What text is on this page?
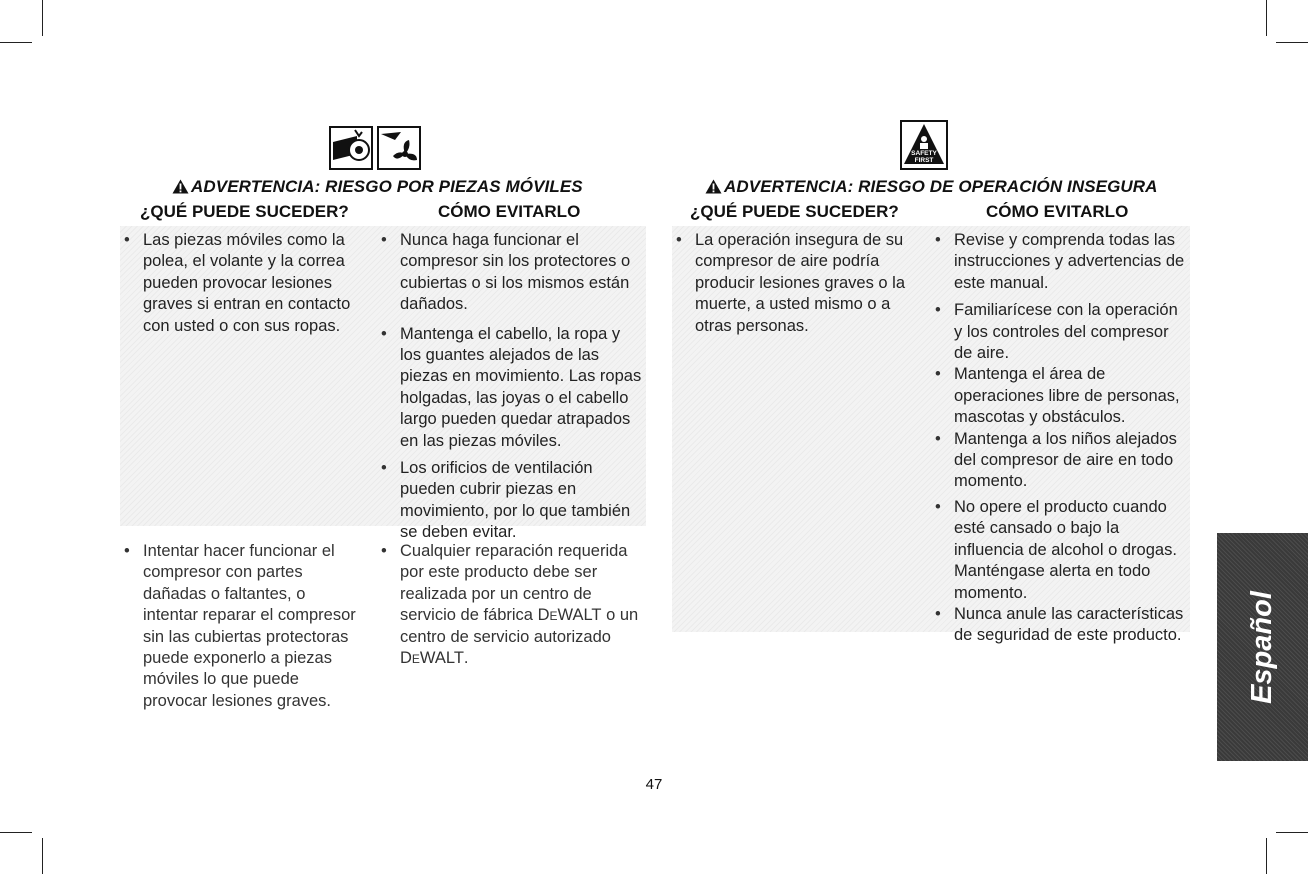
ADVERTENCIA: RIESGO POR PIEZAS MÓVILES
¿QUÉ PUEDE SUCEDER?	CÓMO EVITARLO
• Las piezas móviles como la polea, el volante y la correa pueden provocar lesiones graves si entran en contacto con usted o con sus ropas.
• Nunca haga funcionar el compresor sin los protectores o cubiertas o si los mismos están dañados.
• Mantenga el cabello, la ropa y los guantes alejados de las piezas en movimiento. Las ropas holgadas, las joyas o el cabello largo pueden quedar atrapados en las piezas móviles.
• Los orificios de ventilación pueden cubrir piezas en movimiento, por lo que también se deben evitar.
• Intentar hacer funcionar el compresor con partes dañadas o faltantes, o intentar reparar el compresor sin las cubiertas protectoras puede exponerlo a piezas móviles lo que puede provocar lesiones graves.
• Cualquier reparación requerida por este producto debe ser realizada por un centro de servicio de fábrica DeWALT o un centro de servicio autorizado DeWALT.
SAFETY
FIRST
ADVERTENCIA: RIESGO DE OPERACIÓN INSEGURA
¿QUÉ PUEDE SUCEDER?	CÓMO EVITARLO
• La operación insegura de su compresor de aire podría producir lesiones graves o la muerte, a usted mismo o a otras personas.
• Revise y comprenda todas las instrucciones y advertencias de este manual.
• Familiarícese con la operación y los controles del compresor de aire.
• Mantenga el área de operaciones libre de personas, mascotas y obstáculos.
• Mantenga a los niños alejados del compresor de aire en todo momento.
• No opere el producto cuando esté cansado o bajo la influencia de alcohol o drogas. Manténgase alerta en todo momento.
• Nunca anule las características de seguridad de este producto.
47
Español
